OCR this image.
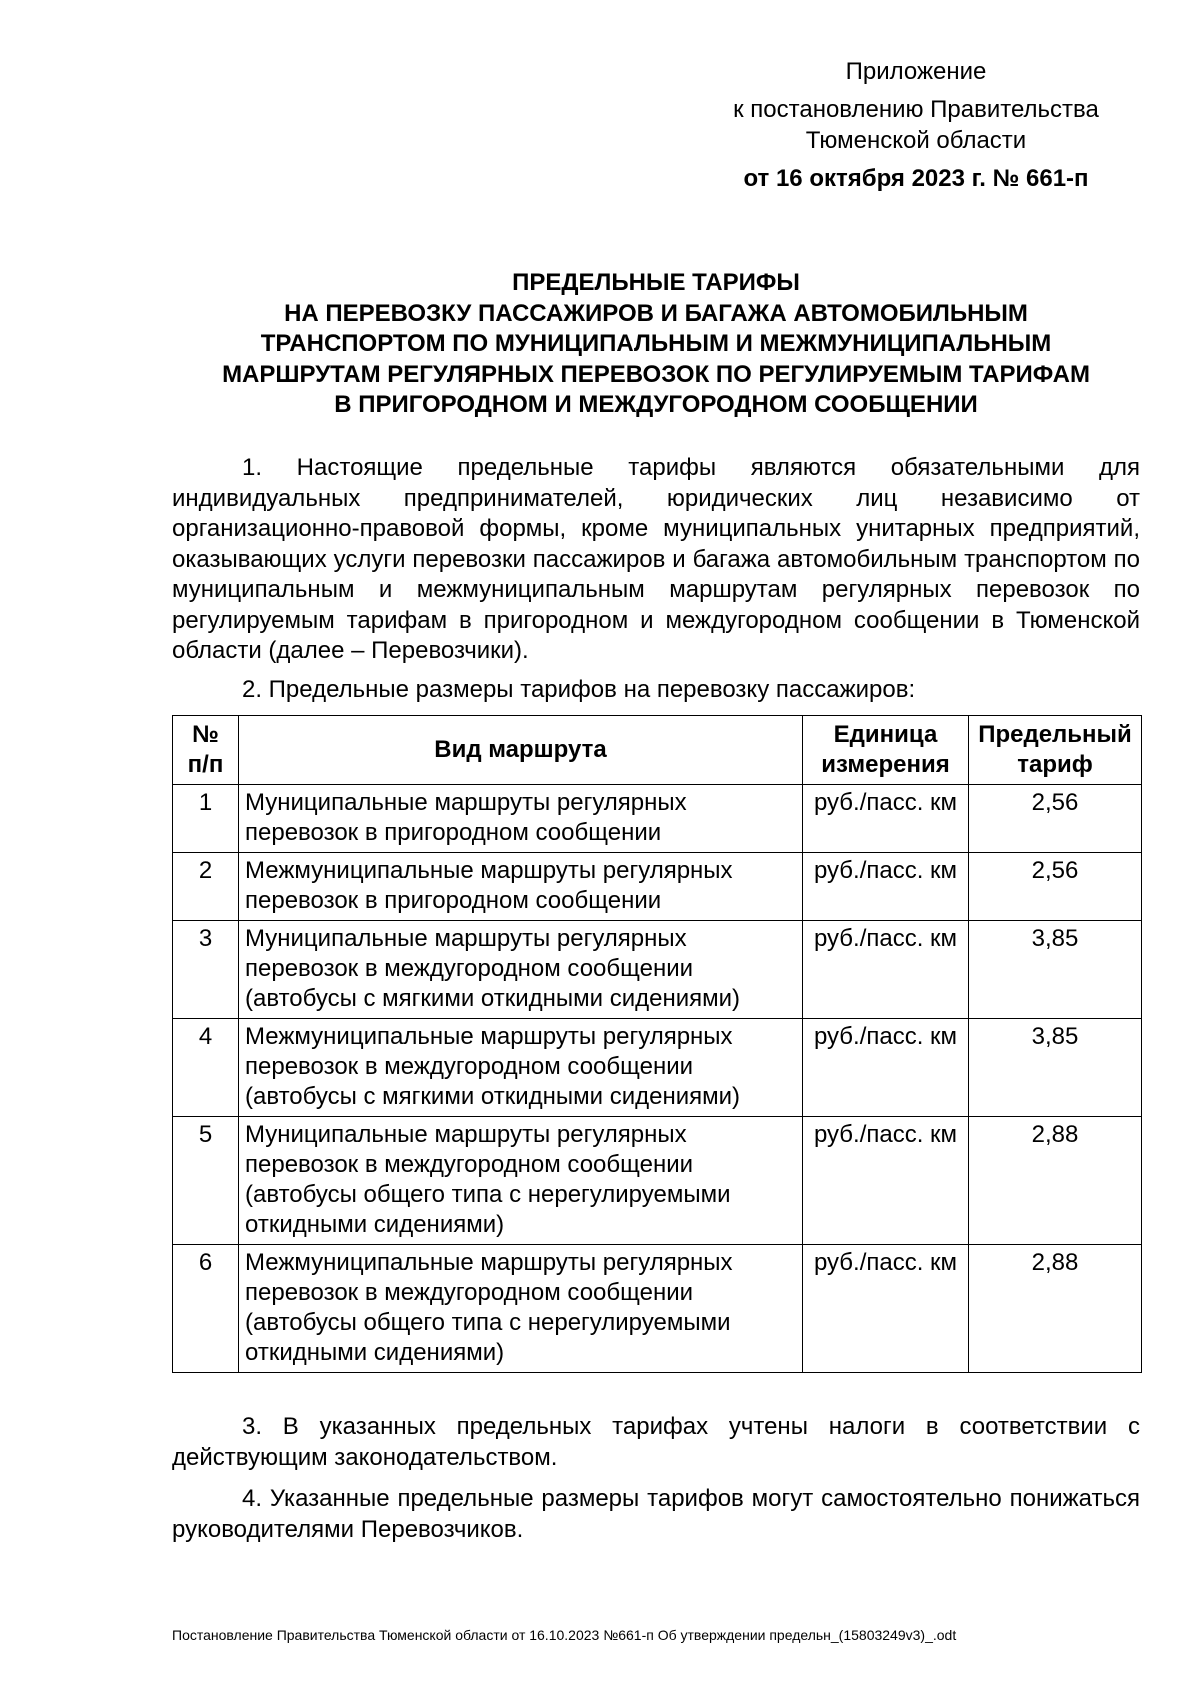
Приложение
к постановлению Правительства
Тюменской области
от 16 октября 2023 г. № 661-п
ПРЕДЕЛЬНЫЕ ТАРИФЫ
НА ПЕРЕВОЗКУ ПАССАЖИРОВ И БАГАЖА АВТОМОБИЛЬНЫМ
ТРАНСПОРТОМ ПО МУНИЦИПАЛЬНЫМ И МЕЖМУНИЦИПАЛЬНЫМ
МАРШРУТАМ РЕГУЛЯРНЫХ ПЕРЕВОЗОК ПО РЕГУЛИРУЕМЫМ ТАРИФАМ
В ПРИГОРОДНОМ И МЕЖДУГОРОДНОМ СООБЩЕНИИ
1. Настоящие предельные тарифы являются обязательными для индивидуальных предпринимателей, юридических лиц независимо от организационно-правовой формы, кроме муниципальных унитарных предприятий, оказывающих услуги перевозки пассажиров и багажа автомобильным транспортом по муниципальным и межмуниципальным маршрутам регулярных перевозок по регулируемым тарифам в пригородном и междугородном сообщении в Тюменской области (далее – Перевозчики).
2. Предельные размеры тарифов на перевозку пассажиров:
№ п/п	Вид маршрута	Единица измерения	Предельный тариф
1	Муниципальные маршруты регулярных перевозок в пригородном сообщении	руб./пасс. км	2,56
2	Межмуниципальные маршруты регулярных перевозок в пригородном сообщении	руб./пасс. км	2,56
3	Муниципальные маршруты регулярных перевозок в междугородном сообщении (автобусы с мягкими откидными сидениями)	руб./пасс. км	3,85
4	Межмуниципальные маршруты регулярных перевозок в междугородном сообщении (автобусы с мягкими откидными сидениями)	руб./пасс. км	3,85
5	Муниципальные маршруты регулярных перевозок в междугородном сообщении (автобусы общего типа с нерегулируемыми откидными сидениями)	руб./пасс. км	2,88
6	Межмуниципальные маршруты регулярных перевозок в междугородном сообщении (автобусы общего типа с нерегулируемыми откидными сидениями)	руб./пасс. км	2,88
3. В указанных предельных тарифах учтены налоги в соответствии с действующим законодательством.
4. Указанные предельные размеры тарифов могут самостоятельно понижаться руководителями Перевозчиков.
Постановление Правительства Тюменской области от 16.10.2023 №661-п Об утверждении предельн_(15803249v3)_.odt
